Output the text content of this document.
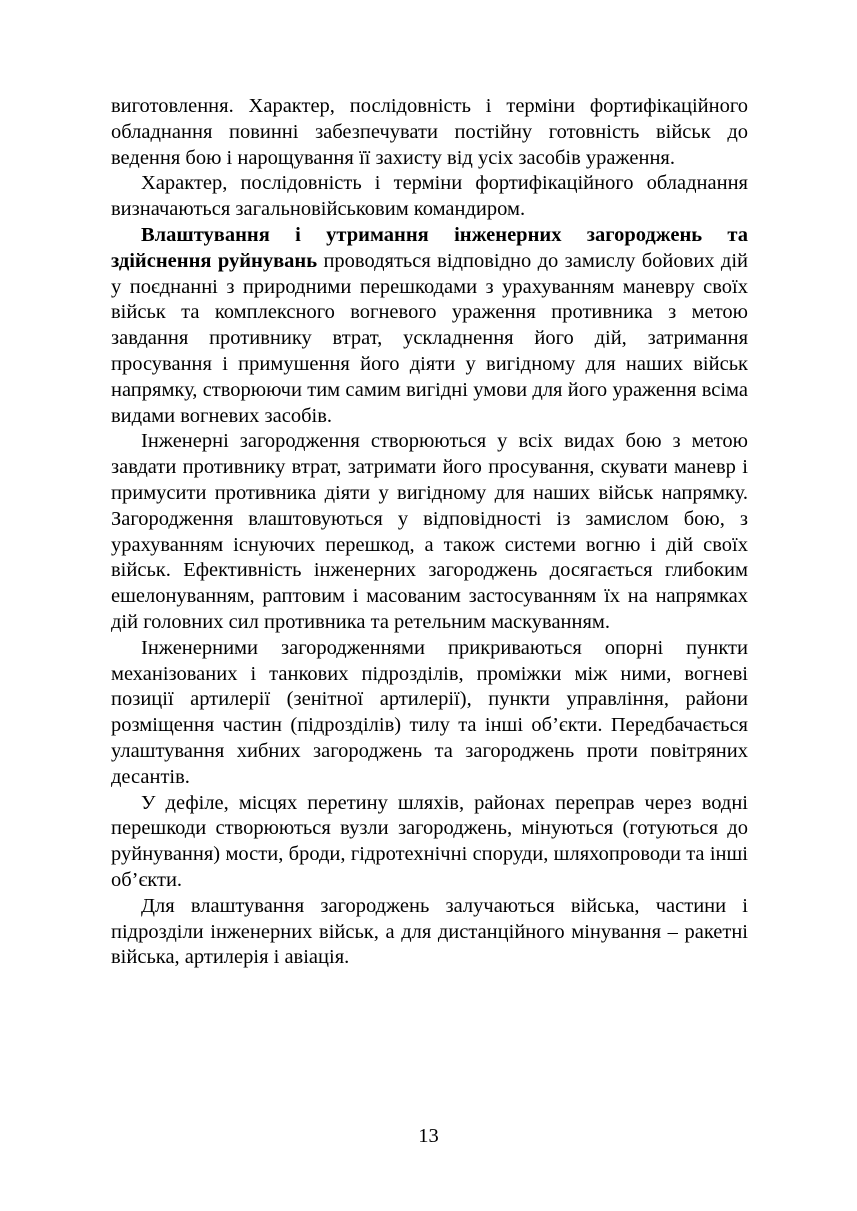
виготовлення. Характер, послідовність і терміни фортифікаційного обладнання повинні забезпечувати постійну готовність військ до ведення бою і нарощування її захисту від усіх засобів ураження.

Характер, послідовність і терміни фортифікаційного обладнання визначаються загальновійськовим командиром.

Влаштування і утримання інженерних загороджень та здійснення руйнувань проводяться відповідно до замислу бойових дій у поєднанні з природними перешкодами з урахуванням маневру своїх військ та комплексного вогневого ураження противника з метою завдання противнику втрат, ускладнення його дій, затримання просування і примушення його діяти у вигідному для наших військ напрямку, створюючи тим самим вигідні умови для його ураження всіма видами вогневих засобів.

Інженерні загородження створюються у всіх видах бою з метою завдати противнику втрат, затримати його просування, скувати маневр і примусити противника діяти у вигідному для наших військ напрямку. Загородження влаштовуються у відповідності із замислом бою, з урахуванням існуючих перешкод, а також системи вогню і дій своїх військ. Ефективність інженерних загороджень досягається глибоким ешелонуванням, раптовим і масованим застосуванням їх на напрямках дій головних сил противника та ретельним маскуванням.

Інженерними загородженнями прикриваються опорні пункти механізованих і танкових підрозділів, проміжки між ними, вогневі позиції артилерії (зенітної артилерії), пункти управління, райони розміщення частин (підрозділів) тилу та інші об’єкти. Передбачається улаштування хибних загороджень та загороджень проти повітряних десантів.

У дефіле, місцях перетину шляхів, районах переправ через водні перешкоди створюються вузли загороджень, мінуються (готуються до руйнування) мости, броди, гідротехнічні споруди, шляхопроводи та інші об’єкти.

Для влаштування загороджень залучаються війська, частини і підрозділи інженерних військ, а для дистанційного мінування – ракетні війська, артилерія і авіація.

13
